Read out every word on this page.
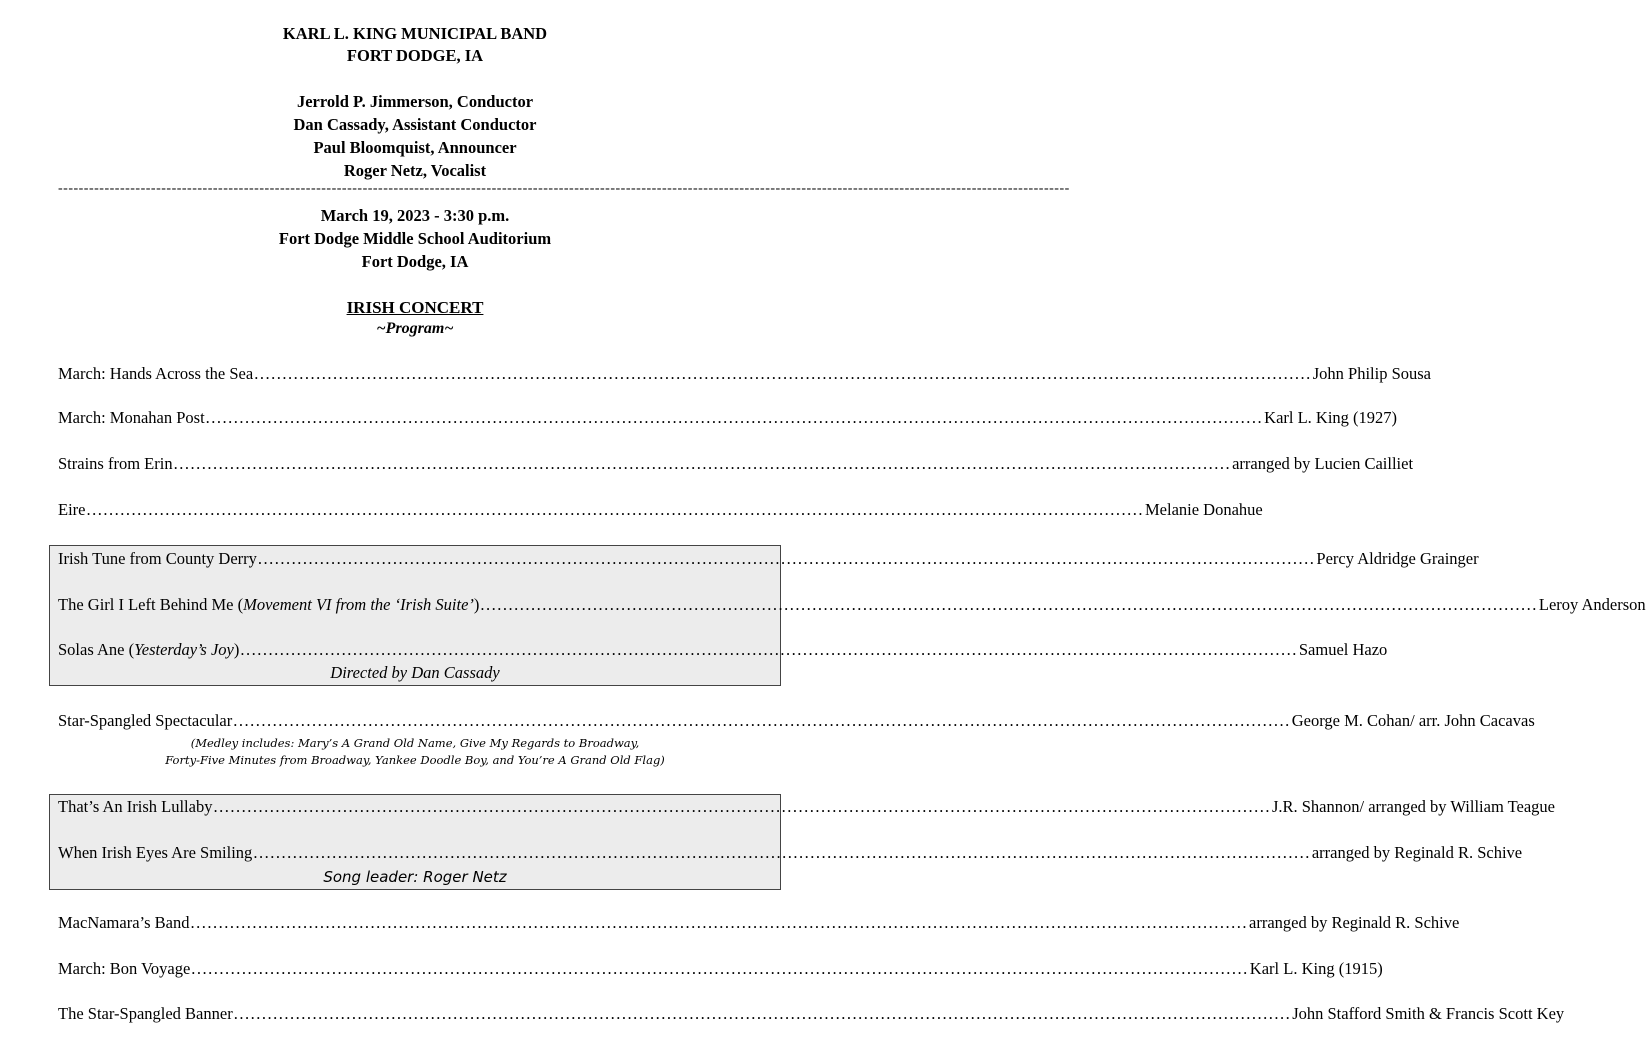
KARL L. KING MUNICIPAL BAND
FORT DODGE, IA
Jerrold P. Jimmerson, Conductor
Dan Cassady, Assistant Conductor
Paul Bloomquist, Announcer
Roger Netz, Vocalist
----------------------------------------------------------------------------------------------------------------------------------------------------------------------------------------------------
March 19, 2023 - 3:30 p.m.
Fort Dodge Middle School Auditorium
Fort Dodge, IA
IRISH CONCERT
~Program~
March: Hands Across the Sea ............................................................................................................................................................................................ John Philip Sousa
March: Monahan Post ............................................................................................................................................................................................ Karl L. King (1927)
Strains from Erin ............................................................................................................................................................................................ arranged by Lucien Cailliet
Eire ............................................................................................................................................................................................ Melanie Donahue
Irish Tune from County Derry ............................................................................................................................................................................................ Percy Aldridge Grainger
The Girl I Left Behind Me (Movement VI from the ‘Irish Suite’) ............................................................................................................................................................................................ Leroy Anderson
Solas Ane (Yesterday’s Joy) ............................................................................................................................................................................................ Samuel Hazo
Directed by Dan Cassady
Star-Spangled Spectacular ............................................................................................................................................................................................ George M. Cohan/ arr. John Cacavas
(Medley includes: Mary’s A Grand Old Name, Give My Regards to Broadway,
Forty-Five Minutes from Broadway, Yankee Doodle Boy, and You’re A Grand Old Flag)
That’s An Irish Lullaby ............................................................................................................................................................................................ J.R. Shannon/ arranged by William Teague
When Irish Eyes Are Smiling ............................................................................................................................................................................................ arranged by Reginald R. Schive
Song leader: Roger Netz
MacNamara’s Band ............................................................................................................................................................................................ arranged by Reginald R. Schive
March: Bon Voyage ............................................................................................................................................................................................ Karl L. King (1915)
The Star-Spangled Banner ............................................................................................................................................................................................ John Stafford Smith & Francis Scott Key
